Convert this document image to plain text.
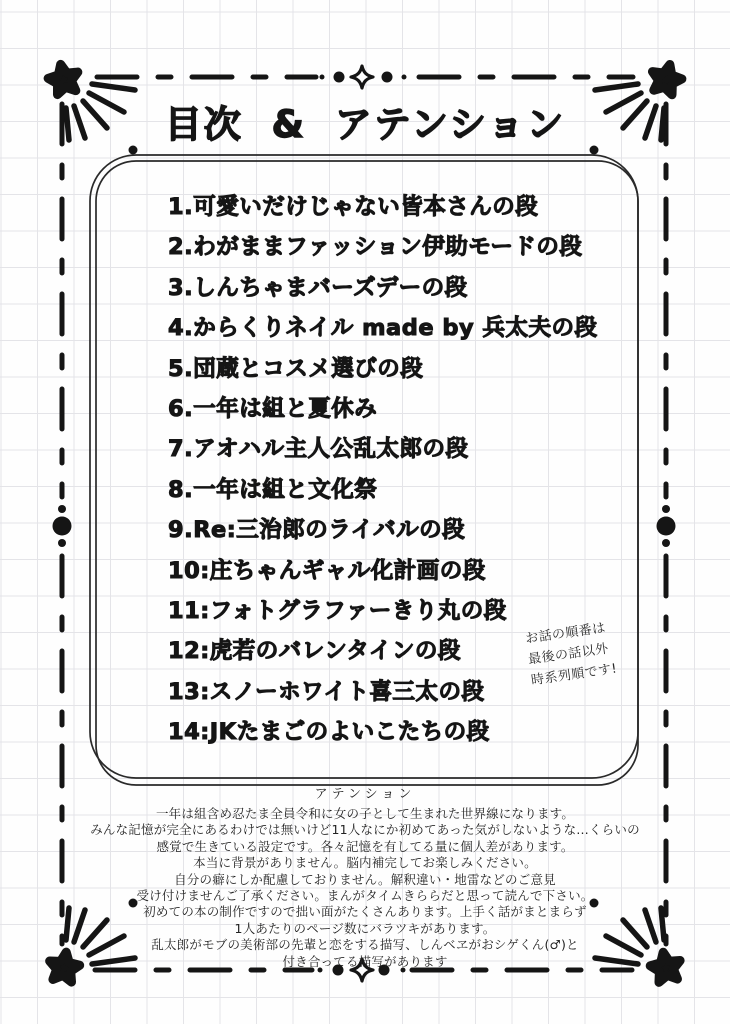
目次 & アテンション
1.可愛いだけじゃない皆本さんの段
2.わがままファッション伊助モードの段
3.しんちゃまバーズデーの段
4.からくりネイル made by 兵太夫の段
5.団蔵とコスメ選びの段
6.一年は組と夏休み
7.アオハル主人公乱太郎の段
8.一年は組と文化祭
9.Re:三治郎のライバルの段
10:庄ちゃんギャル化計画の段
11:フォトグラファーきり丸の段
12:虎若のバレンタインの段
13:スノーホワイト喜三太の段
14:JKたまごのよいこたちの段
お話の順番は
最後の話以外
時系列順です!
アテンション
一年は組含め忍たま全員令和に女の子として生まれた世界線になります。
みんな記憶が完全にあるわけでは無いけど11人なにか初めてあった気がしないような…くらいの
感覚で生きている設定です。各々記憶を有してる量に個人差があります。
本当に背景がありません。脳内補完してお楽しみください。
自分の癖にしか配慮しておりません。解釈違い・地雷などのご意見
受け付けませんご了承ください。まんがタイムきららだと思って読んで下さい。
初めての本の制作ですので拙い面がたくさんあります。上手く話がまとまらず
1人あたりのページ数にバラツキがあります。
乱太郎がモブの美術部の先輩と恋をする描写、しんベヱがおシゲくん(♂)と
付き合ってる描写があります
